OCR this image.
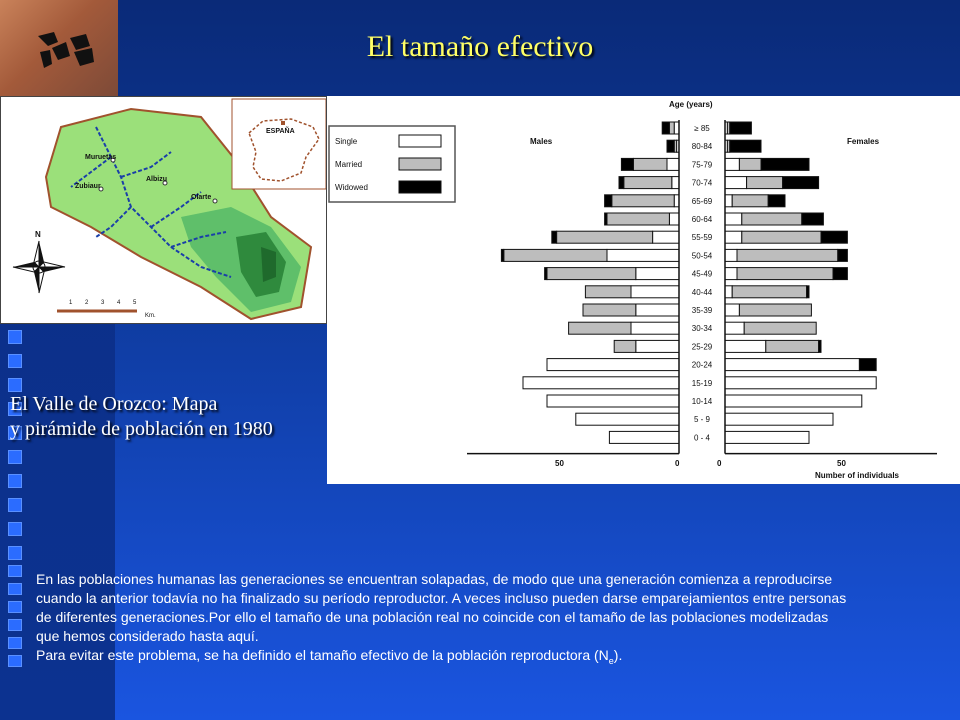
El tamaño efectivo
Muruetas
Zubiaur
Albizu
Olarte
ESPAÑA
N
1 2 3 4 5
Km.
El Valle de Orozco: Mapa
y pirámide de población en 1980
Age (years)
Males	Females
50	0	0	50
Number of individuals
Single
Married
Widowed
≥ 85
80-84
75-79
70-74
65-69
60-64
55-59
50-54
45-49
40-44
35-39
30-34
25-29
20-24
15-19
10-14
5 - 9
0 - 4

En las poblaciones humanas las generaciones se encuentran solapadas, de modo que una generación comienza a reproducirse

cuando la anterior todavía no ha finalizado su período reproductor. A veces incluso pueden darse emparejamientos entre personas

de diferentes generaciones.Por ello el tamaño de una población real no coincide con el tamaño de las poblaciones modelizadas

que hemos considerado hasta aquí.

Para evitar este problema, se ha definido el tamaño efectivo de la población reproductora $(N_e)$.
